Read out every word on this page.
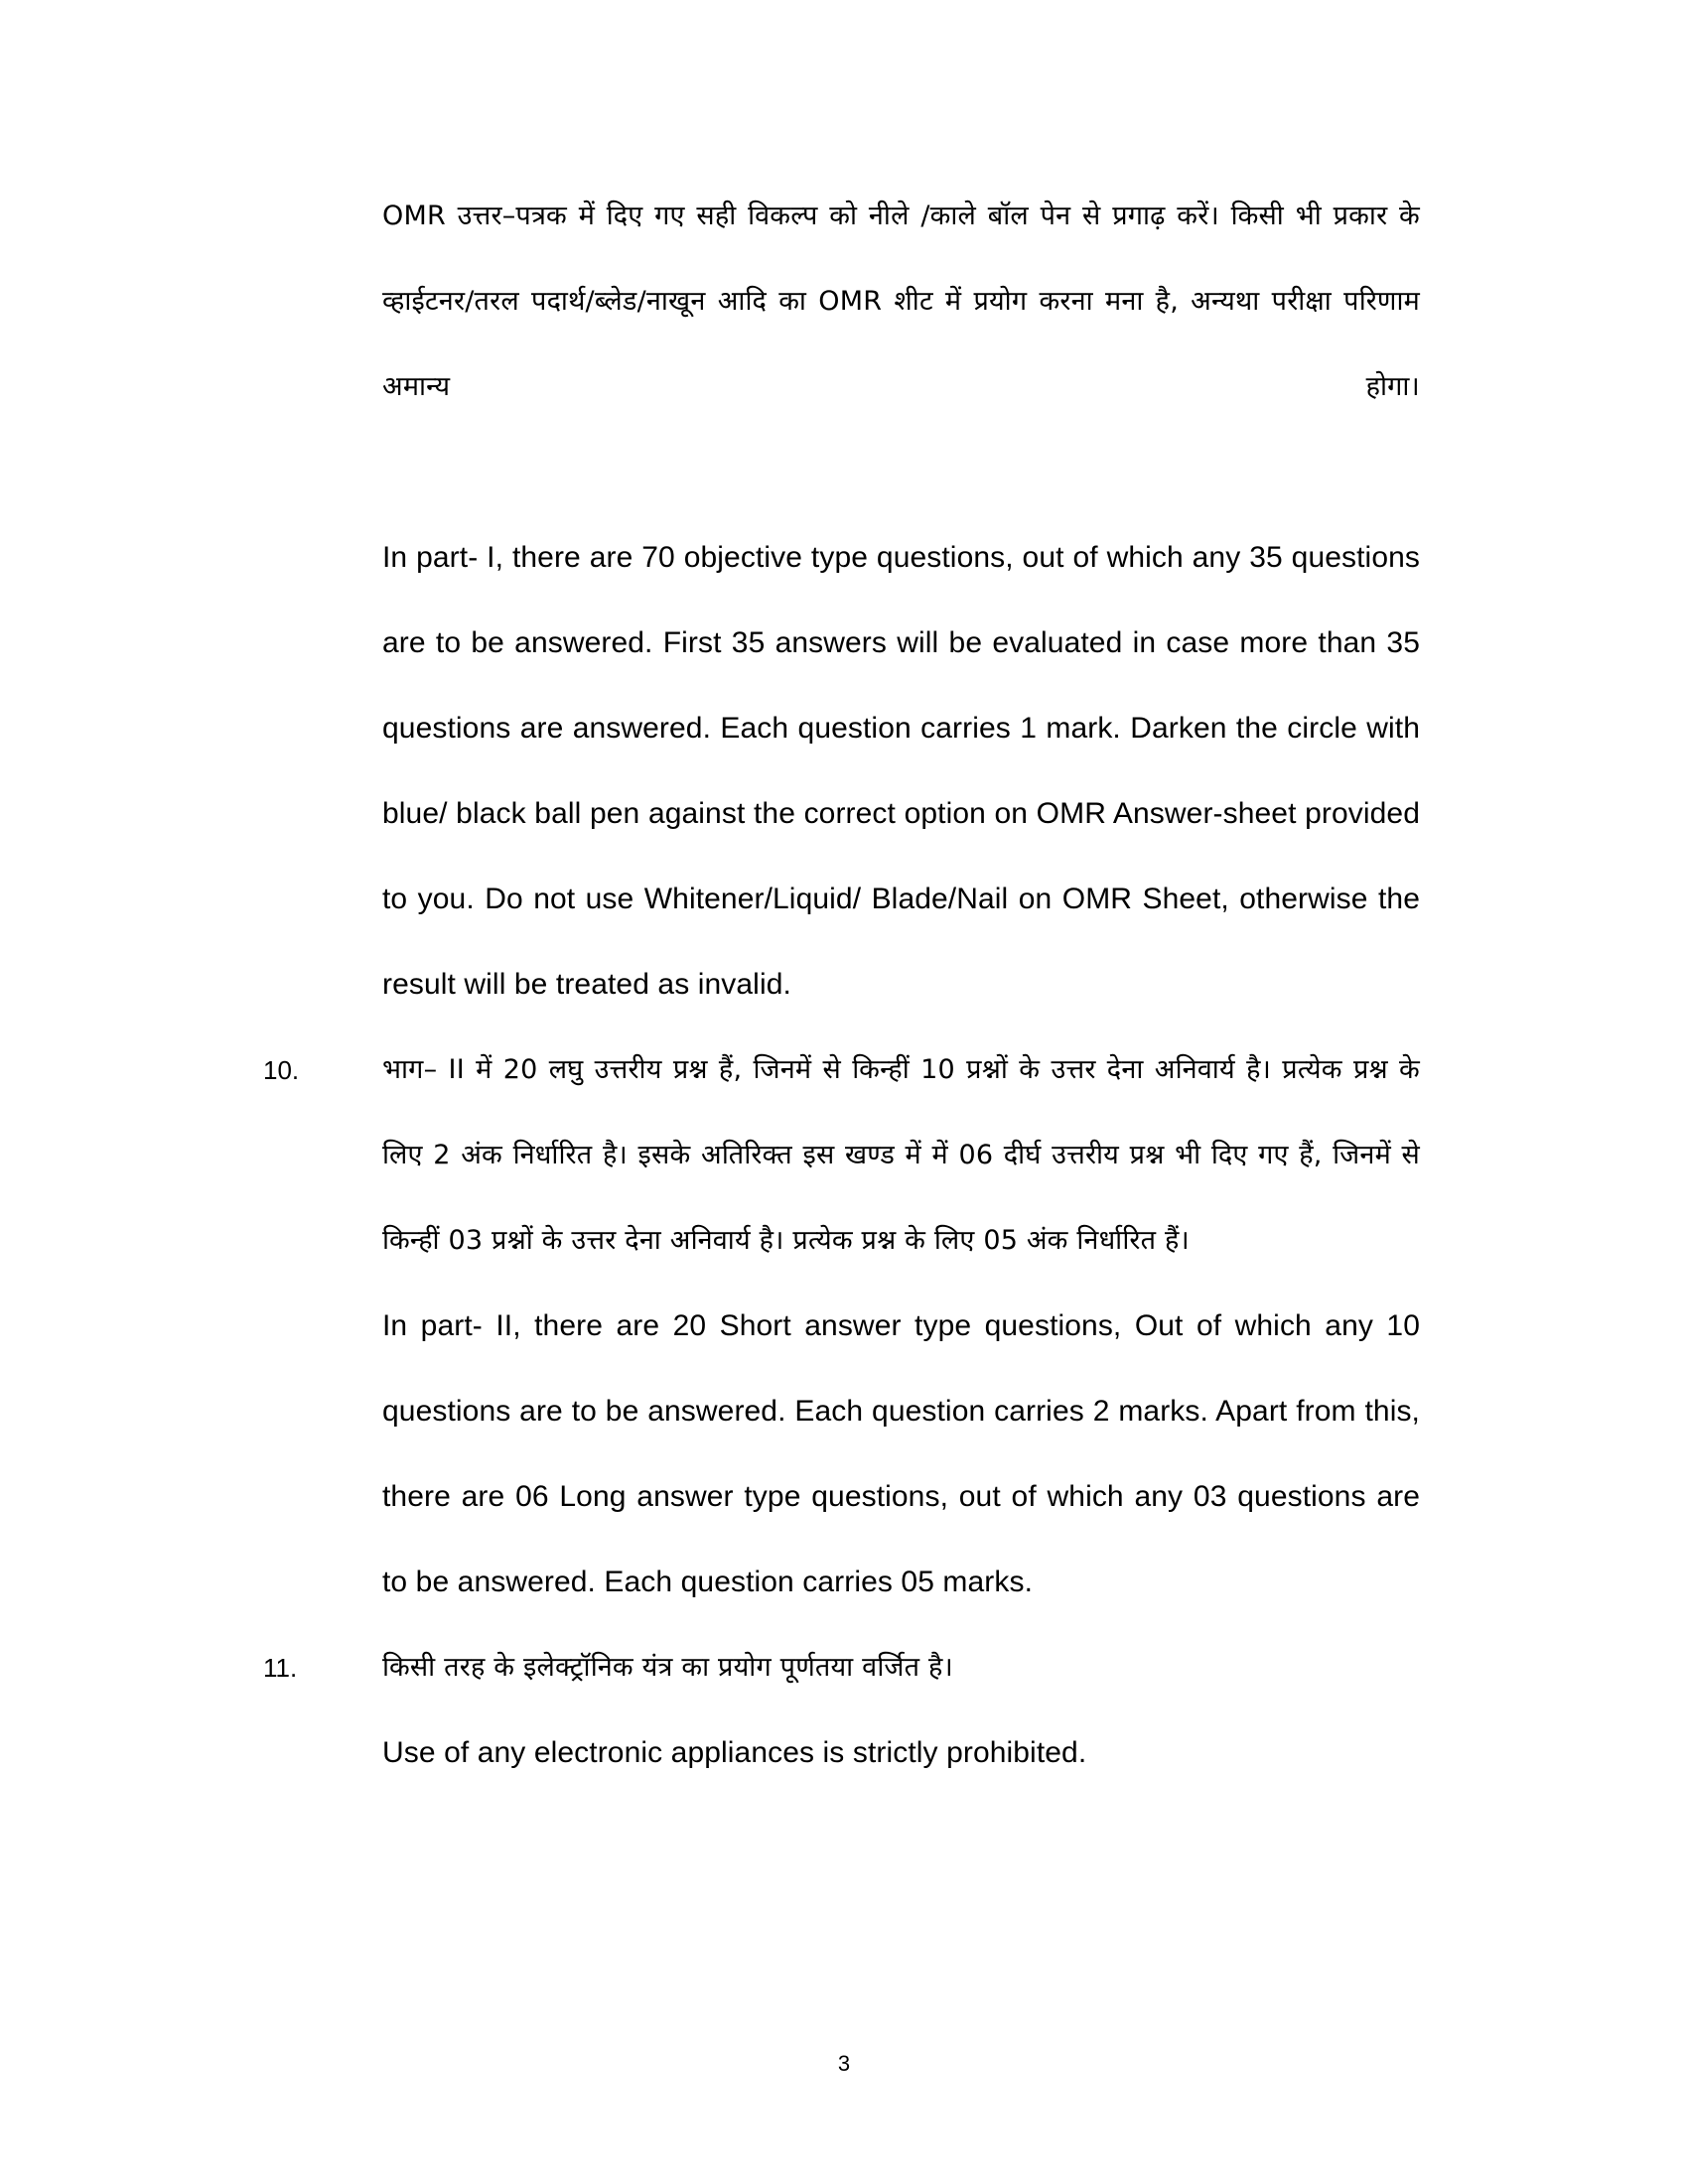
OMR उत्तर–पत्रक में दिए गए सही विकल्प को नीले /काले बॉल पेन से प्रगाढ़ करें। किसी भी प्रकार के व्हाईटनर/तरल पदार्थ/ब्लेड/नाखून आदि का OMR शीट में प्रयोग करना मना है, अन्यथा परीक्षा परिणाम अमान्य होगा।

In part- I, there are 70 objective type questions, out of which any 35 questions are to be answered. First 35 answers will be evaluated in case more than 35 questions are answered. Each question carries 1 mark. Darken the circle with blue/ black ball pen against the correct option on OMR Answer-sheet provided to you. Do not use Whitener/Liquid/ Blade/Nail on OMR Sheet, otherwise the result will be treated as invalid.

10.	भाग– II में 20 लघु उत्तरीय प्रश्न हैं, जिनमें से किन्हीं 10 प्रश्नों के उत्तर देना अनिवार्य है। प्रत्येक प्रश्न के लिए 2 अंक निर्धारित है। इसके अतिरिक्त इस खण्ड में में 06 दीर्घ उत्तरीय प्रश्न भी दिए गए हैं, जिनमें से किन्हीं 03 प्रश्नों के उत्तर देना अनिवार्य है। प्रत्येक प्रश्न के लिए 05 अंक निर्धारित हैं।

In part- II, there are 20 Short answer type questions, Out of which any 10 questions are to be answered. Each question carries 2 marks. Apart from this, there are 06 Long answer type questions, out of which any 03 questions are to be answered. Each question carries 05 marks.

11.	किसी तरह के इलेक्ट्रॉनिक यंत्र का प्रयोग पूर्णतया वर्जित है।

Use of any electronic appliances is strictly prohibited.

3
